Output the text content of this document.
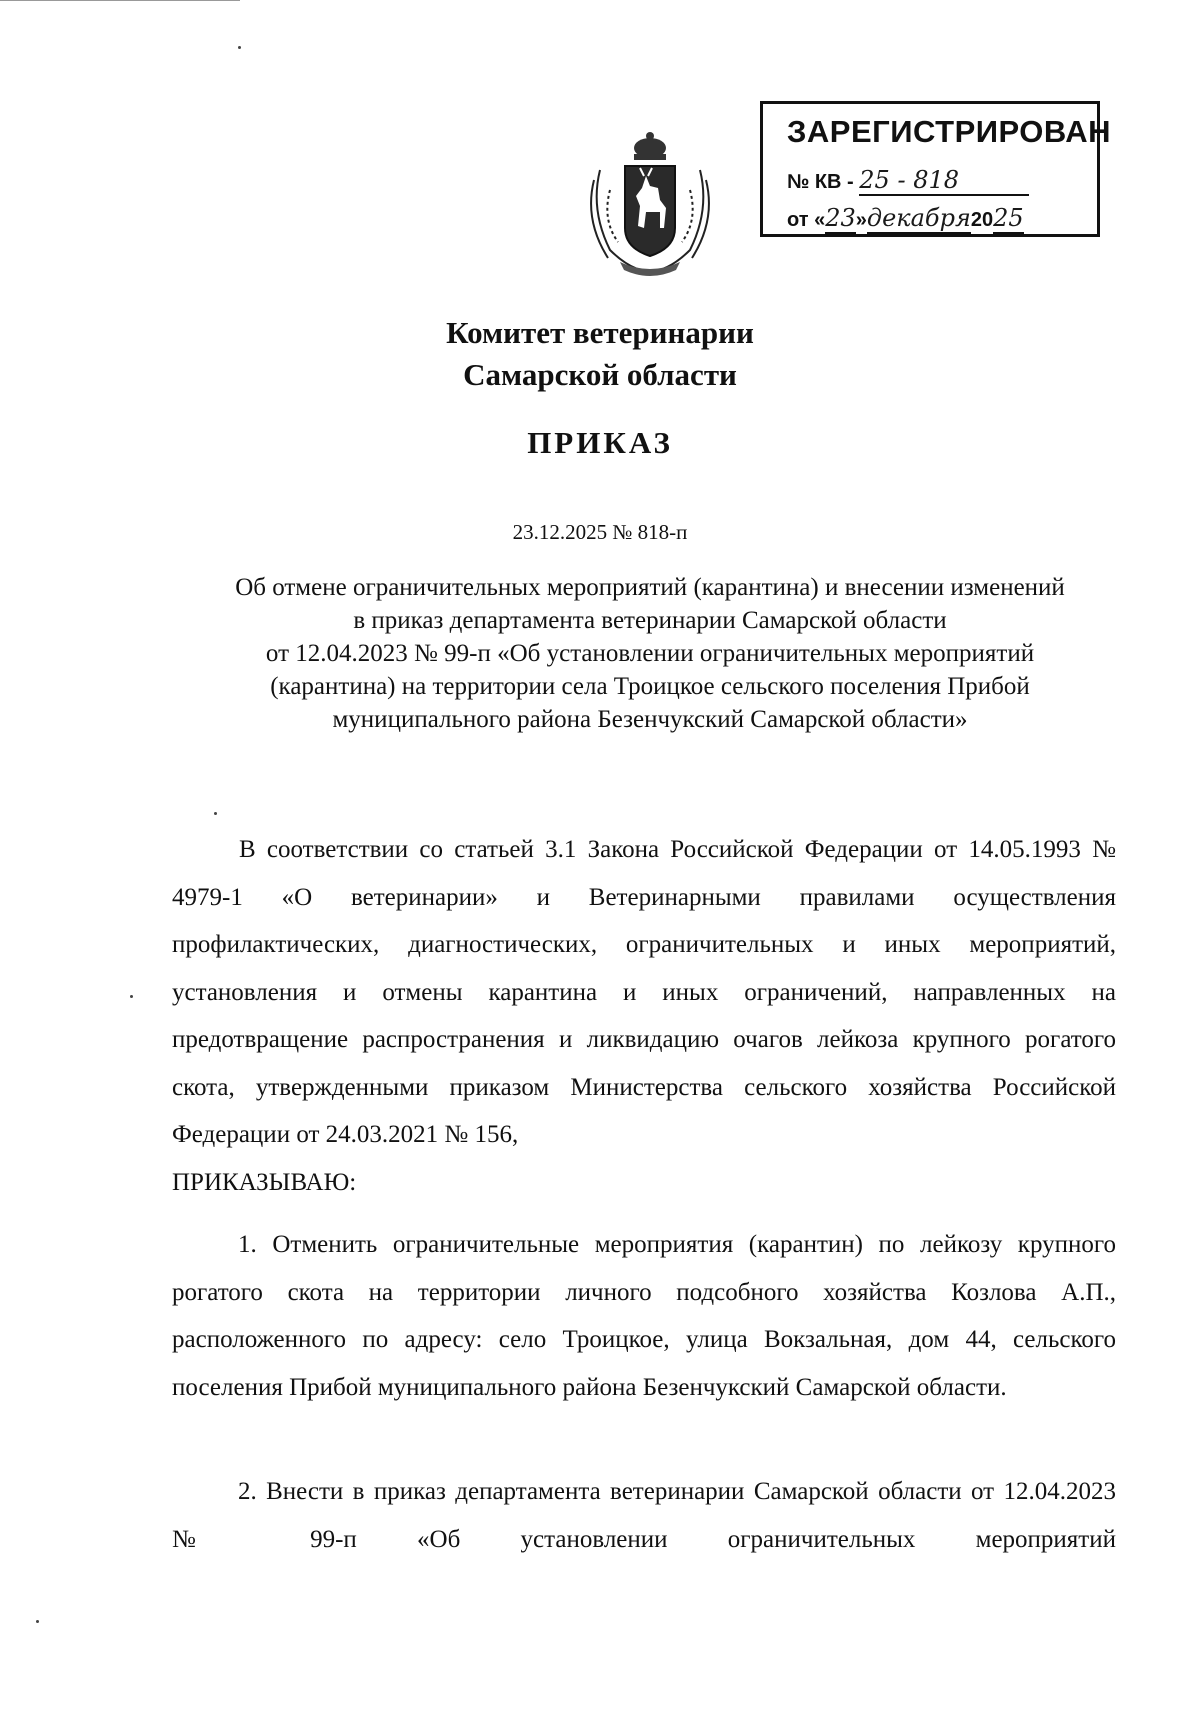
ЗАРЕГИСТРИРОВАН
№ КВ - 25 - 818
от «23»декабря2025
Комитет ветеринарии
Самарской области
ПРИКАЗ
23.12.2025 № 818-п
Об отмене ограничительных мероприятий (карантина) и внесении изменений
в приказ департамента ветеринарии Самарской области
от 12.04.2023 № 99-п «Об установлении ограничительных мероприятий
(карантина) на территории села Троицкое сельского поселения Прибой
муниципального района Безенчукский Самарской области»

В соответствии со статьей 3.1 Закона Российской Федерации от 14.05.1993 № 4979-1 «О ветеринарии» и Ветеринарными правилами осуществления профилактических, диагностических, ограничительных и иных мероприятий, установления и отмены карантина и иных ограничений, направленных на предотвращение распространения и ликвидацию очагов лейкоза крупного рогатого скота, утвержденными приказом Министерства сельского хозяйства Российской Федерации от 24.03.2021 № 156,

ПРИКАЗЫВАЮ:

1. Отменить ограничительные мероприятия (карантин) по лейкозу крупного рогатого скота на территории личного подсобного хозяйства Козлова А.П., расположенного по адресу: село Троицкое, улица Вокзальная, дом 44, сельского поселения Прибой муниципального района Безенчукский Самарской области.

2. Внести в приказ департамента ветеринарии Самарской области от 12.04.2023 № 99-п «Об установлении ограничительных мероприятий
